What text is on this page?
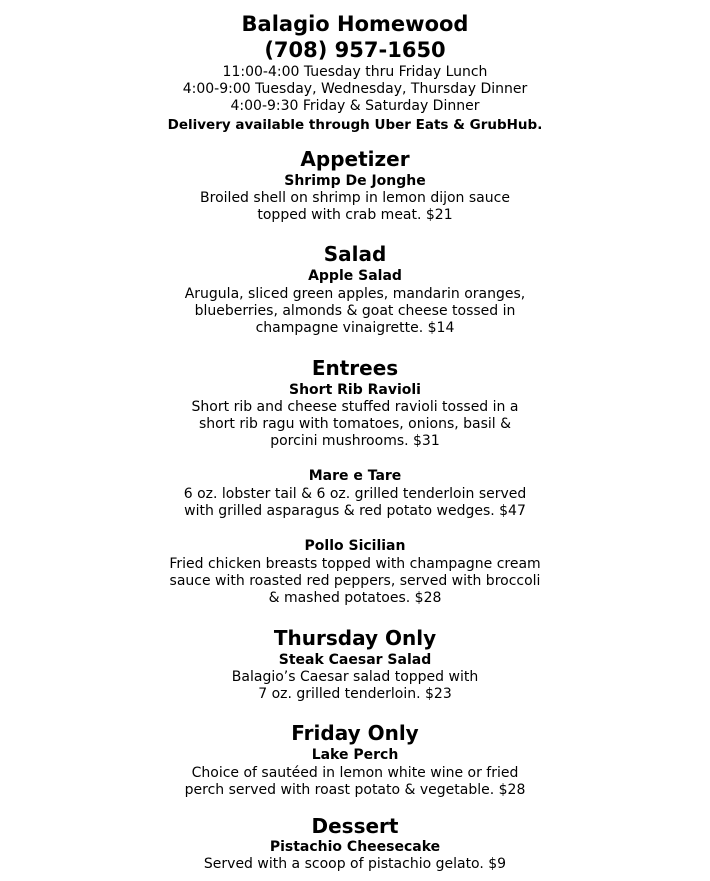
Balagio Homewood
(708) 957-1650
11:00-4:00 Tuesday thru Friday Lunch
4:00-9:00 Tuesday, Wednesday, Thursday Dinner
4:00-9:30 Friday & Saturday Dinner
Delivery available through Uber Eats & GrubHub.
Appetizer
Shrimp De Jonghe
Broiled shell on shrimp in lemon dijon sauce
topped with crab meat. $21
Salad
Apple Salad
Arugula, sliced green apples, mandarin oranges,
blueberries, almonds & goat cheese tossed in
champagne vinaigrette. $14
Entrees
Short Rib Ravioli
Short rib and cheese stuffed ravioli tossed in a
short rib ragu with tomatoes, onions, basil &
porcini mushrooms. $31
Mare e Tare
6 oz. lobster tail & 6 oz. grilled tenderloin served
with grilled asparagus & red potato wedges. $47
Pollo Sicilian
Fried chicken breasts topped with champagne cream
sauce with roasted red peppers, served with broccoli
& mashed potatoes. $28
Thursday Only
Steak Caesar Salad
Balagio’s Caesar salad topped with
7 oz. grilled tenderloin. $23
Friday Only
Lake Perch
Choice of sautéed in lemon white wine or fried
perch served with roast potato & vegetable. $28
Dessert
Pistachio Cheesecake
Served with a scoop of pistachio gelato. $9
